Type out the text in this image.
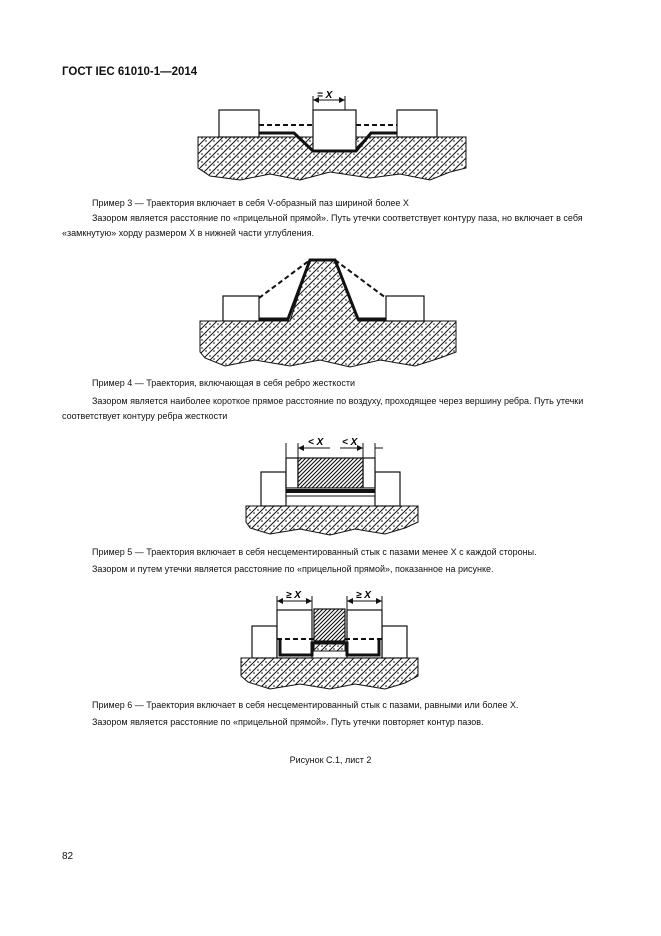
ГОСТ IEC 61010-1—2014
= X
Пример 3 — Траектория включает в себя V-образный паз шириной более X
Зазором является расстояние по «прицельной прямой». Путь утечки соответствует контуру паза, но включает в себя «замкнутую» хорду размером X в нижней части углубления.
Пример 4 — Траектория, включающая в себя ребро жесткости
Зазором является наиболее короткое прямое расстояние по воздуху, проходящее через вершину ребра. Путь утечки соответствует контуру ребра жесткости
< X < X
Пример 5 — Траектория включает в себя несцементированный стык с пазами менее X с каждой стороны.
Зазором и путем утечки является расстояние по «прицельной прямой», показанное на рисунке.
≥ X	≥ X
Пример 6 — Траектория включает в себя несцементированный стык с пазами, равными или более X.
Зазором является расстояние по «прицельной прямой». Путь утечки повторяет контур пазов.
Рисунок С.1, лист 2
82
